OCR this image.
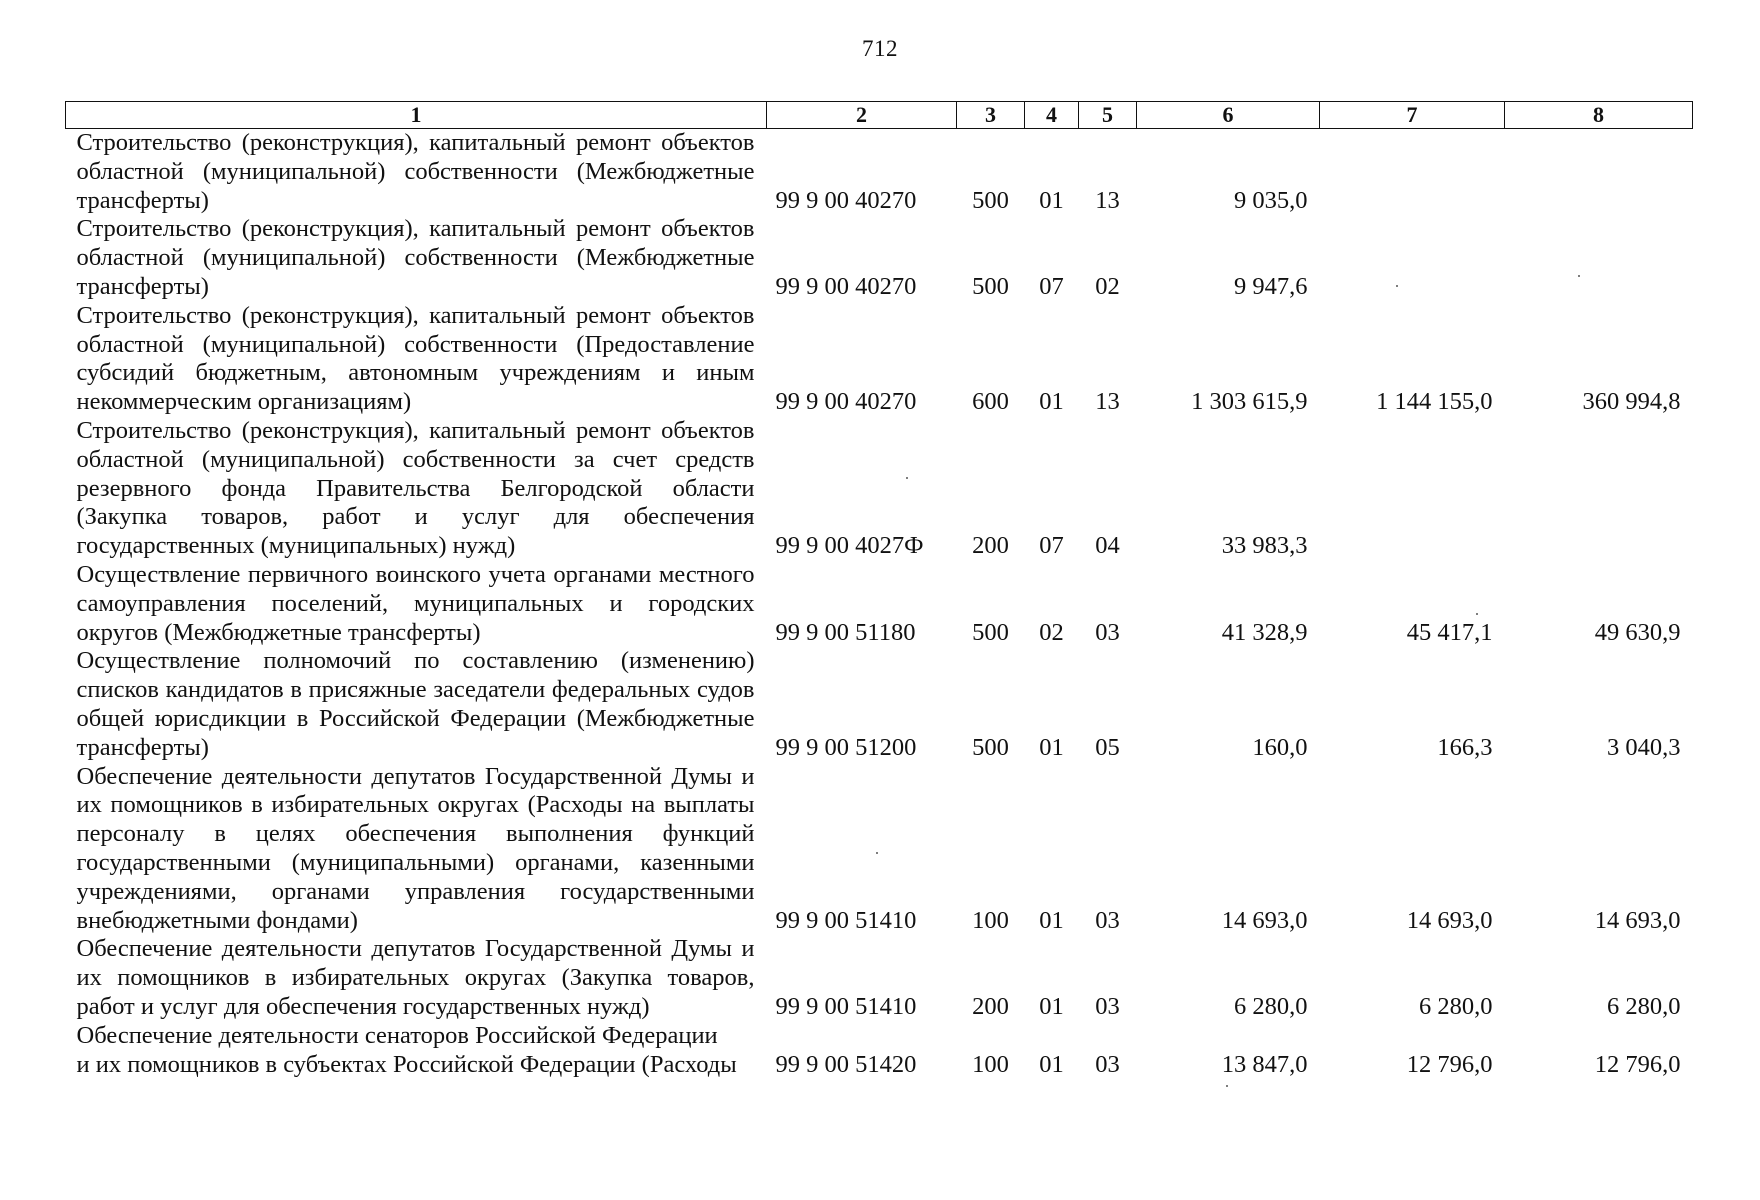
712
1	2	3	4	5	6	7	8
Строительство (реконструкция), капитальный ремонт объектов областной (муниципальной) собственности (Межбюджетные трансферты)	99 9 00 40270	500	01	13	9 035,0		
Строительство (реконструкция), капитальный ремонт объектов областной (муниципальной) собственности (Межбюджетные трансферты)	99 9 00 40270	500	07	02	9 947,6		
Строительство (реконструкция), капитальный ремонт объектов областной (муниципальной) собственности (Предоставление субсидий бюджетным, автономным учреждениям и иным некоммерческим организациям)	99 9 00 40270	600	01	13	1 303 615,9	1 144 155,0	360 994,8
Строительство (реконструкция), капитальный ремонт объектов областной (муниципальной) собственности за счет средств резервного фонда Правительства Белгородской области (Закупка товаров, работ и услуг для обеспечения государственных (муниципальных) нужд)	99 9 00 4027Ф	200	07	04	33 983,3		
Осуществление первичного воинского учета органами местного самоуправления поселений, муниципальных и городских округов (Межбюджетные трансферты)	99 9 00 51180	500	02	03	41 328,9	45 417,1	49 630,9
Осуществление полномочий по составлению (изменению) списков кандидатов в присяжные заседатели федеральных судов общей юрисдикции в Российской Федерации (Межбюджетные трансферты)	99 9 00 51200	500	01	05	160,0	166,3	3 040,3
Обеспечение деятельности депутатов Государственной Думы и их помощников в избирательных округах (Расходы на выплаты персоналу в целях обеспечения выполнения функций государственными (муниципальными) органами, казенными учреждениями, органами управления государственными внебюджетными фондами)	99 9 00 51410	100	01	03	14 693,0	14 693,0	14 693,0
Обеспечение деятельности депутатов Государственной Думы и их помощников в избирательных округах (Закупка товаров, работ и услуг для обеспечения государственных нужд)	99 9 00 51410	200	01	03	6 280,0	6 280,0	6 280,0
Обеспечение деятельности сенаторов Российской Федерации
и их помощников в субъектах Российской Федерации (Расходы	99 9 00 51420	100	01	03	13 847,0	12 796,0	12 796,0
